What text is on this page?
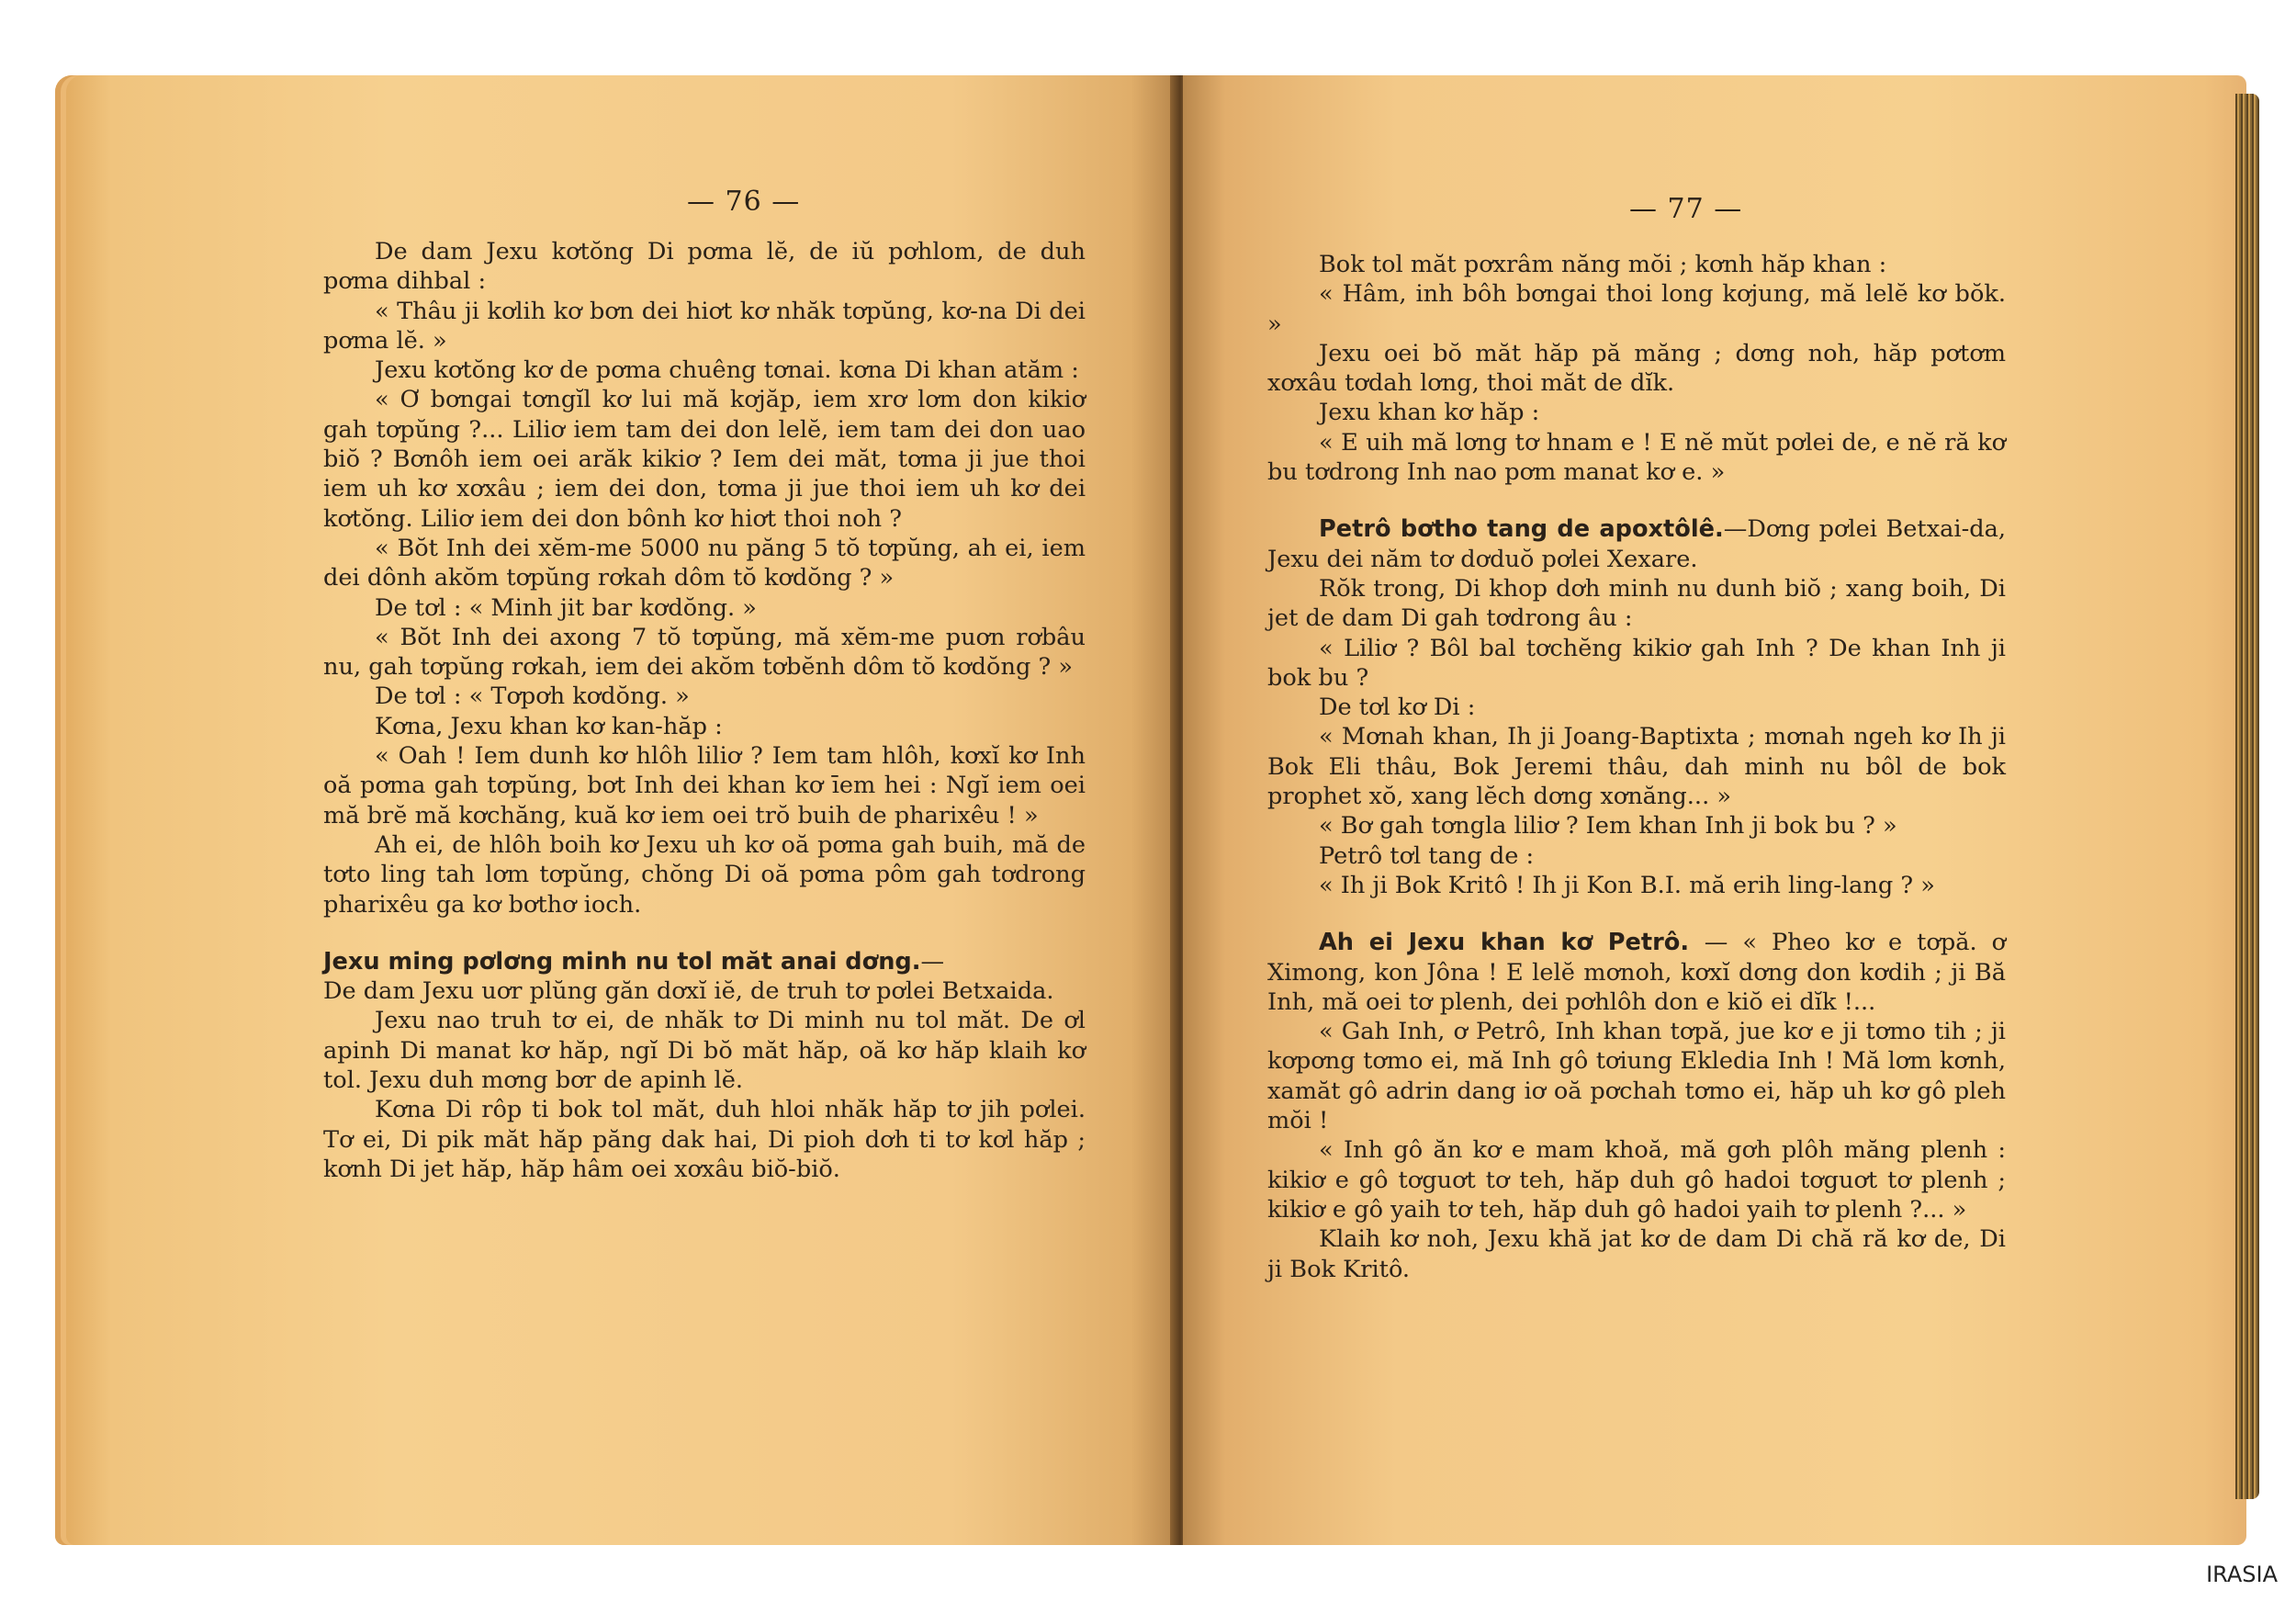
— 76 —

De dam Jexu kơtŏng Di pơma lĕ, de iŭ pơhlom, de duh pơma dihbal :

« Thâu ji kơlih kơ bơn dei hiơt kơ nhăk tơpŭng, kơ-na Di dei pơma lĕ. »

Jexu kơtŏng kơ de pơma chuêng tơnai. kơna Di khan atăm :

« Ơ bơngai tơngĭl kơ lui mă kơjăp, iem xrơ lơm don kikiơ gah tơpŭng ?... Liliơ iem tam dei don lelĕ, iem tam dei don uao biŏ ? Bơnôh iem oei arăk kikiơ ? Iem dei măt, tơma ji jue thoi iem uh kơ xơxâu ; iem dei don, tơma ji jue thoi iem uh kơ dei kơtŏng. Liliơ iem dei don bônh kơ hiơt thoi noh ?

« Bŏt Inh dei xĕm-me 5000 nu păng 5 tŏ tơpŭng, ah ei, iem dei dônh akŏm tơpŭng rơkah dôm tŏ kơdŏng ? »

De tơl : « Minh jit bar kơdŏng. »

« Bŏt Inh dei axong 7 tŏ tơpŭng, mă xĕm-me puơn rơbâu nu, gah tơpŭng rơkah, iem dei akŏm tơbĕnh dôm tŏ kơdŏng ? »

De tơl : « Tơpơh kơdŏng. »

Kơna, Jexu khan kơ kan-hăp :

« Oah ! Iem dunh kơ hlôh liliơ ? Iem tam hlôh, kơxĭ kơ Inh oă pơma gah tơpŭng, bơt Inh dei khan kơ īem hei : Ngĭ iem oei mă brĕ mă kơchăng, kuă kơ iem oei trŏ buih de pharixêu ! »

Ah ei, de hlôh boih kơ Jexu uh kơ oă pơma gah buih, mă de tơto ling tah lơm tơpŭng, chŏng Di oă pơma pôm gah tơdrong pharixêu ga kơ bơthơ ioch.

Jexu ming pơlơng minh nu tol măt anai dơng.—

De dam Jexu uơr plŭng găn dơxĭ iĕ, de truh tơ pơlei Betxaida.

Jexu nao truh tơ ei, de nhăk tơ Di minh nu tol măt. De ơl apinh Di manat kơ hăp, ngĭ Di bŏ măt hăp, oă kơ hăp klaih kơ tol. Jexu duh mơng bơr de apinh lĕ.

Kơna Di rôp ti bok tol măt, duh hloi nhăk hăp tơ jih pơlei. Tơ ei, Di pik măt hăp păng dak hai, Di pioh dơh ti tơ kơl hăp ; kơnh Di jet hăp, hăp hâm oei xơxâu biŏ-biŏ.

— 77 —

Bok tol măt pơxrâm năng mŏi ; kơnh hăp khan :

« Hâm, inh bôh bơngai thoi long kơjung, mă lelĕ kơ bŏk. »

Jexu oei bŏ măt hăp pă măng ; dơng noh, hăp pơtơm xơxâu tơdah lơng, thoi măt de dĭk.

Jexu khan kơ hăp :

« E uih mă lơng tơ hnam e ! E nĕ mŭt pơlei de, e nĕ ră kơ bu tơdrong Inh nao pơm manat kơ e. »

Petrô bơtho tang de apoxtôlê.—Dơng pơlei Betxai-da, Jexu dei năm tơ dơduŏ pơlei Xexare.

Rŏk trong, Di khop dơh minh nu dunh biŏ ; xang boih, Di jet de dam Di gah tơdrong âu :

« Liliơ ? Bôl bal tơchĕng kikiơ gah Inh ? De khan Inh ji bok bu ?

De tơl kơ Di :

« Mơnah khan, Ih ji Joang-Baptixta ; mơnah ngeh kơ Ih ji Bok Eli thâu, Bok Jeremi thâu, dah minh nu bôl de bok prophet xŏ, xang lĕch dơng xơnăng... »

« Bơ gah tơngla liliơ ? Iem khan Inh ji bok bu ? »

Petrô tơl tang de :

« Ih ji Bok Kritô ! Ih ji Kon B.I. mă erih ling-lang ? »

Ah ei Jexu khan kơ Petrô. — « Pheo kơ e tơpă. ơ Ximong, kon Jôna ! E lelĕ mơnoh, kơxĭ dơng don kơdih ; ji Bă Inh, mă oei tơ plenh, dei pơhlôh don e kiŏ ei dĭk !...

« Gah Inh, ơ Petrô, Inh khan tơpă, jue kơ e ji tơmo tih ; ji kơpơng tơmo ei, mă Inh gô tơiung Ekledia Inh ! Mă lơm kơnh, xamăt gô adrin dang iơ oă pơchah tơmo ei, hăp uh kơ gô pleh mŏi !

« Inh gô ăn kơ e mam khoă, mă gơh plôh măng plenh : kikiơ e gô tơguơt tơ teh, hăp duh gô hadoi tơguơt tơ plenh ; kikiơ e gô yaih tơ teh, hăp duh gô hadoi yaih tơ plenh ?... »

Klaih kơ noh, Jexu khă jat kơ de dam Di chă ră kơ de, Di ji Bok Kritô.

IRASIA
